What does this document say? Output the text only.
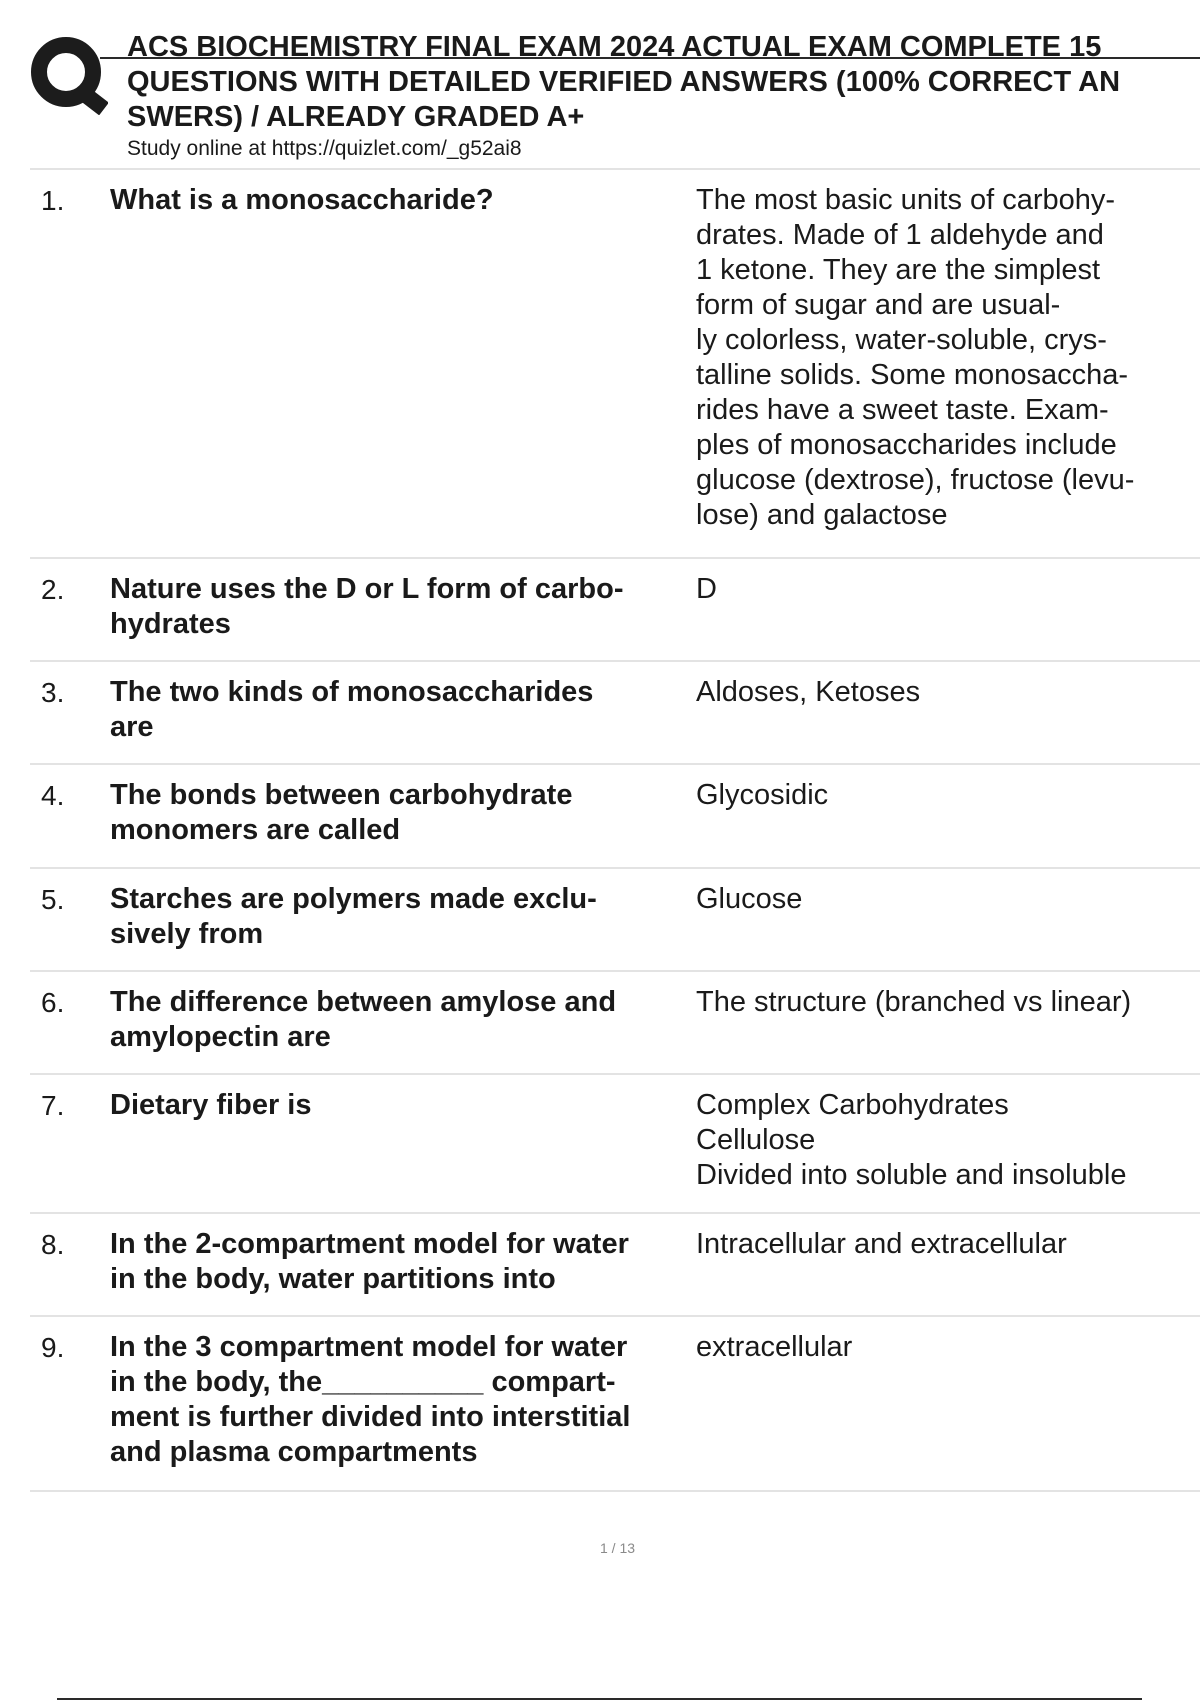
ACS BIOCHEMISTRY FINAL EXAM 2024 ACTUAL EXAM COMPLETE 15
QUESTIONS WITH DETAILED VERIFIED ANSWERS (100% CORRECT AN
SWERS) / ALREADY GRADED A+
Study online at https://quizlet.com/_g52ai8
1. What is a monosaccharide?	The most basic units of carbohy-
drates. Made of 1 aldehyde and
1 ketone. They are the simplest
form of sugar and are usual-
ly colorless, water-soluble, crys-
talline solids. Some monosaccha-
rides have a sweet taste. Exam-
ples of monosaccharides include
glucose (dextrose), fructose (levu-
lose) and galactose
2. Nature uses the D or L form of carbo-
hydrates
D
3. The two kinds of monosaccharides
are
Aldoses, Ketoses
4. The bonds between carbohydrate
monomers are called
Glycosidic
5. Starches are polymers made exclu-
sively from
Glucose
6. The difference between amylose and
amylopectin are
The structure (branched vs linear)
7. Dietary fiber is	Complex Carbohydrates
Cellulose
Divided into soluble and insoluble
8. In the 2-compartment model for water
in the body, water partitions into
Intracellular and extracellular
9. In the 3 compartment model for water
in the body, the__________ compart-
ment is further divided into interstitial
and plasma compartments
extracellular
1 / 13
